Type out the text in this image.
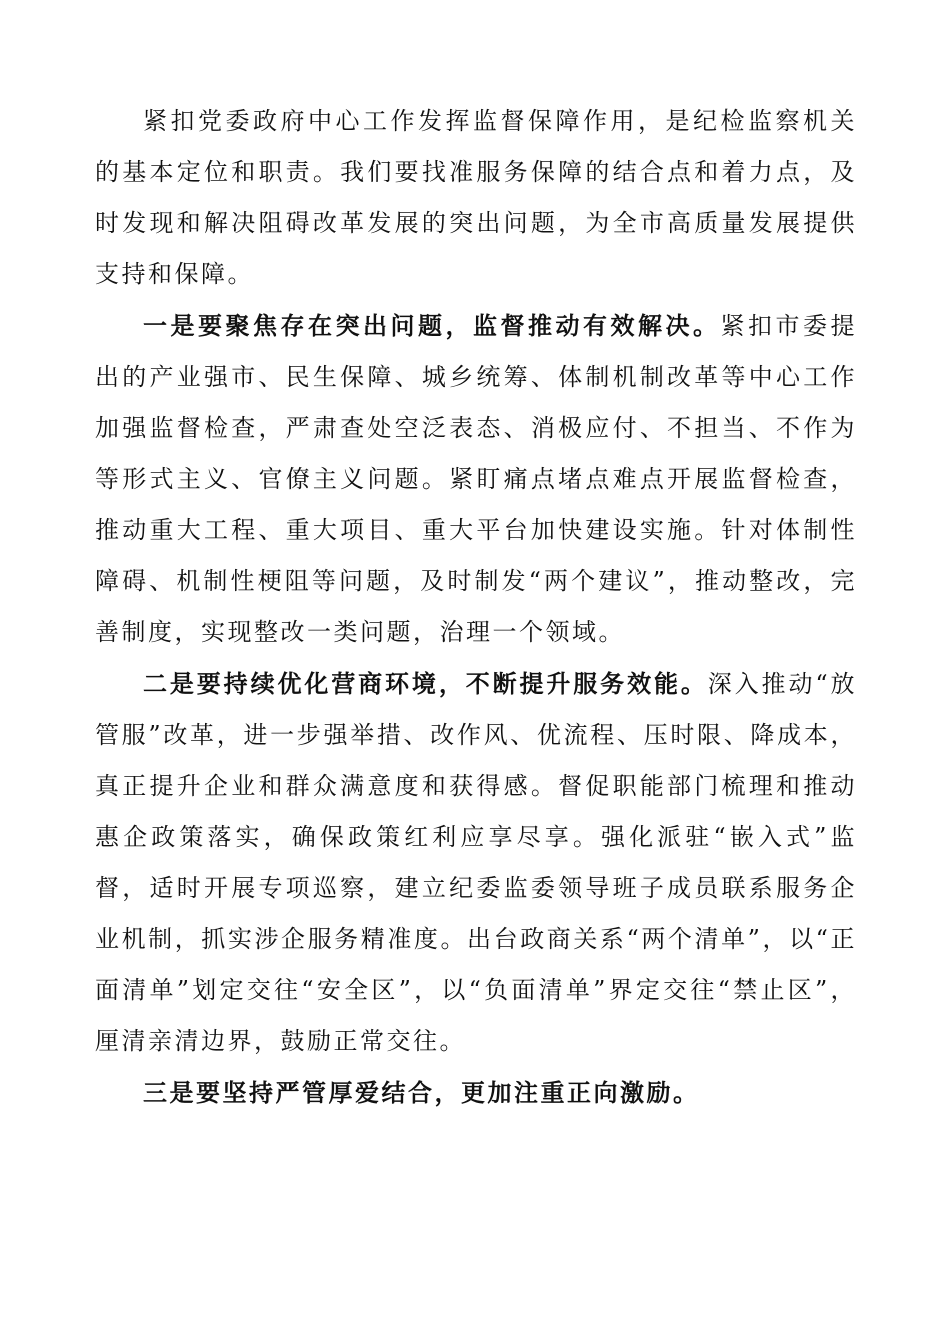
紧扣党委政府中心工作发挥监督保障作用，是纪检监察机关的基本定位和职责。我们要找准服务保障的结合点和着力点，及时发现和解决阻碍改革发展的突出问题，为全市高质量发展提供支持和保障。

一是要聚焦存在突出问题，监督推动有效解决。紧扣市委提出的产业强市、民生保障、城乡统筹、体制机制改革等中心工作加强监督检查，严肃查处空泛表态、消极应付、不担当、不作为等形式主义、官僚主义问题。紧盯痛点堵点难点开展监督检查，推动重大工程、重大项目、重大平台加快建设实施。针对体制性障碍、机制性梗阻等问题，及时制发“两个建议”，推动整改，完善制度，实现整改一类问题，治理一个领域。

二是要持续优化营商环境，不断提升服务效能。深入推动“放管服”改革，进一步强举措、改作风、优流程、压时限、降成本，真正提升企业和群众满意度和获得感。督促职能部门梳理和推动惠企政策落实，确保政策红利应享尽享。强化派驻“嵌入式”监督，适时开展专项巡察，建立纪委监委领导班子成员联系服务企业机制，抓实涉企服务精准度。出台政商关系“两个清单”，以“正面清单”划定交往“安全区”，以“负面清单”界定交往“禁止区”，厘清亲清边界，鼓励正常交往。

三是要坚持严管厚爱结合，更加注重正向激励。
